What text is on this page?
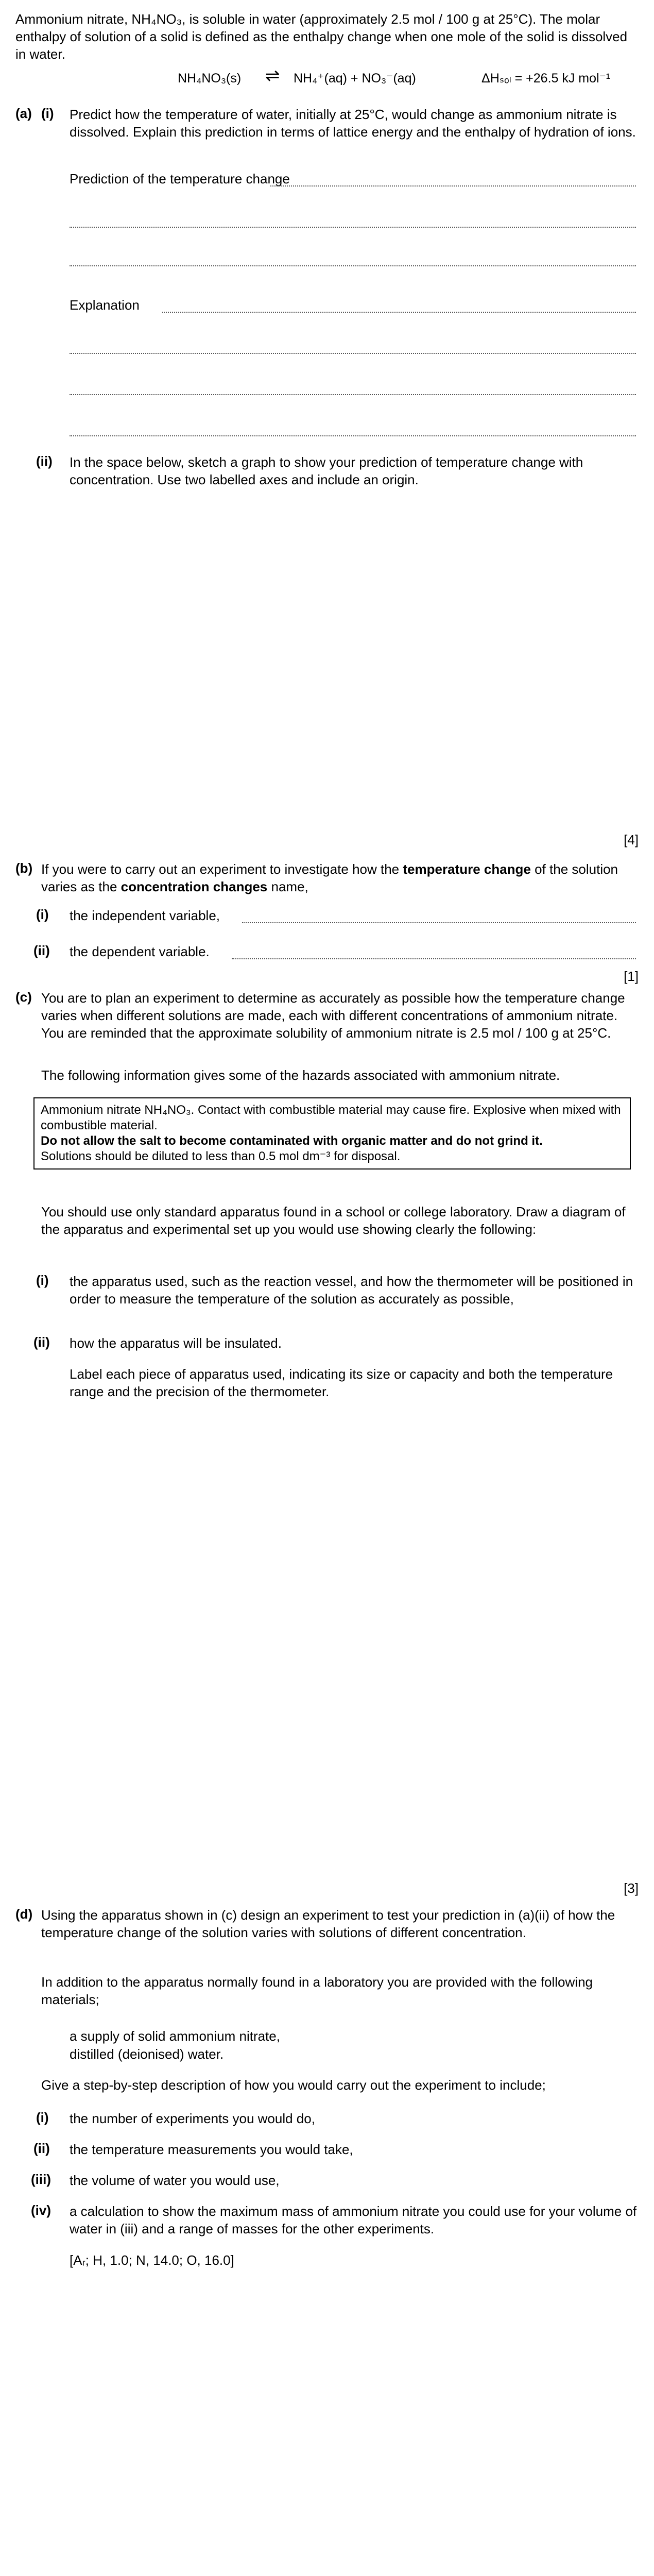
Ammonium nitrate, NH₄NO₃, is soluble in water (approximately 2.5 mol / 100 g at 25°C). The molar enthalpy of solution of a solid is defined as the enthalpy change when one mole of the solid is dissolved in water.

NH₄NO₃(s) ⇌ NH₄⁺(aq) + NO₃⁻(aq)	ΔHₛₒₗ = +26.5 kJ mol⁻¹
(a) (i) Predict how the temperature of water, initially at 25°C, would change as ammonium nitrate is dissolved. Explain this prediction in terms of lattice energy and the enthalpy of hydration of ions.

Prediction of the temperature change
Explanation
(ii) In the space below, sketch a graph to show your prediction of temperature change with concentration. Use two labelled axes and include an origin.

[4]
(b) If you were to carry out an experiment to investigate how the temperature change of the solution varies as the concentration changes name,

(i) the independent variable,
(ii) the dependent variable.
[1]
(c) You are to plan an experiment to determine as accurately as possible how the temperature change varies when different solutions are made, each with different concentrations of ammonium nitrate. You are reminded that the approximate solubility of ammonium nitrate is 2.5 mol / 100 g at 25°C.

The following information gives some of the hazards associated with ammonium nitrate.

Ammonium nitrate NH₄NO₃. Contact with combustible material may cause fire. Explosive when mixed with combustible material.
Do not allow the salt to become contaminated with organic matter and do not grind it.
Solutions should be diluted to less than 0.5 mol dm⁻³ for disposal.

You should use only standard apparatus found in a school or college laboratory. Draw a diagram of the apparatus and experimental set up you would use showing clearly the following:

(i) the apparatus used, such as the reaction vessel, and how the thermometer will be positioned in order to measure the temperature of the solution as accurately as possible,

(ii) how the apparatus will be insulated.

Label each piece of apparatus used, indicating its size or capacity and both the temperature range and the precision of the thermometer.

[3]
(d) Using the apparatus shown in (c) design an experiment to test your prediction in (a)(ii) of how the temperature change of the solution varies with solutions of different concentration.

In addition to the apparatus normally found in a laboratory you are provided with the following materials;

a supply of solid ammonium nitrate,
distilled (deionised) water.

Give a step-by-step description of how you would carry out the experiment to include;

(i) the number of experiments you would do,
(ii) the temperature measurements you would take,
(iii) the volume of water you would use,
(iv) a calculation to show the maximum mass of ammonium nitrate you could use for your volume of water in (iii) and a range of masses for the other experiments.

[Aᵣ; H, 1.0; N, 14.0; O, 16.0]
